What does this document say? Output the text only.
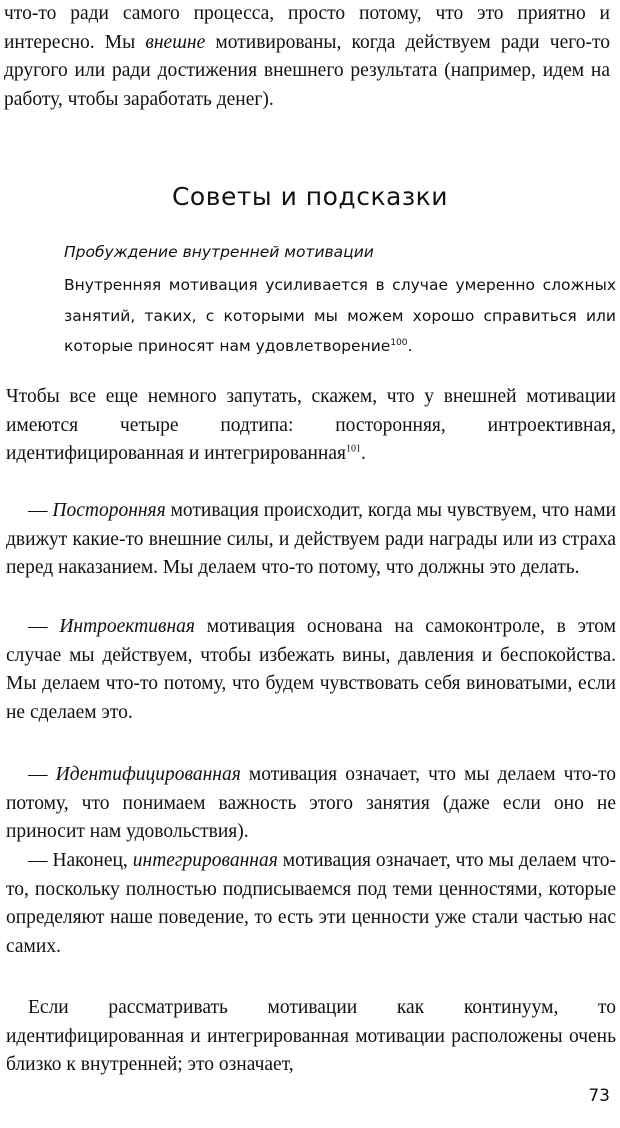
что-то ради самого процесса, просто потому, что это приятно и интересно. Мы внешне мотивированы, когда действуем ради чего-то другого или ради достижения внешнего результата (например, идем на работу, чтобы заработать денег).

Советы и подсказки

Пробуждение внутренней мотивации

Внутренняя мотивация усиливается в случае умеренно сложных занятий, таких, с которыми мы можем хорошо справиться или которые приносят нам удовлетворение$^{100}$.

Чтобы все еще немного запутать, скажем, что у внешней мотивации имеются четыре подтипа: посторонняя, интроективная, идентифицированная и интегрированная$^{101}$.

— Посторонняя мотивация происходит, когда мы чувствуем, что нами движут какие-то внешние силы, и действуем ради награды или из страха перед наказанием. Мы делаем что-то потому, что должны это делать.

— Интроективная мотивация основана на самоконтроле, в этом случае мы действуем, чтобы избежать вины, давления и беспокойства. Мы делаем что-то потому, что будем чувствовать себя виноватыми, если не сделаем это.

— Идентифицированная мотивация означает, что мы делаем что-то потому, что понимаем важность этого занятия (даже если оно не приносит нам удовольствия).

— Наконец, интегрированная мотивация означает, что мы делаем что-то, поскольку полностью подписываемся под теми ценностями, которые определяют наше поведение, то есть эти ценности уже стали частью нас самих.

Если рассматривать мотивации как континуум, то идентифицированная и интегрированная мотивации расположены очень близко к внутренней; это означает,

73
